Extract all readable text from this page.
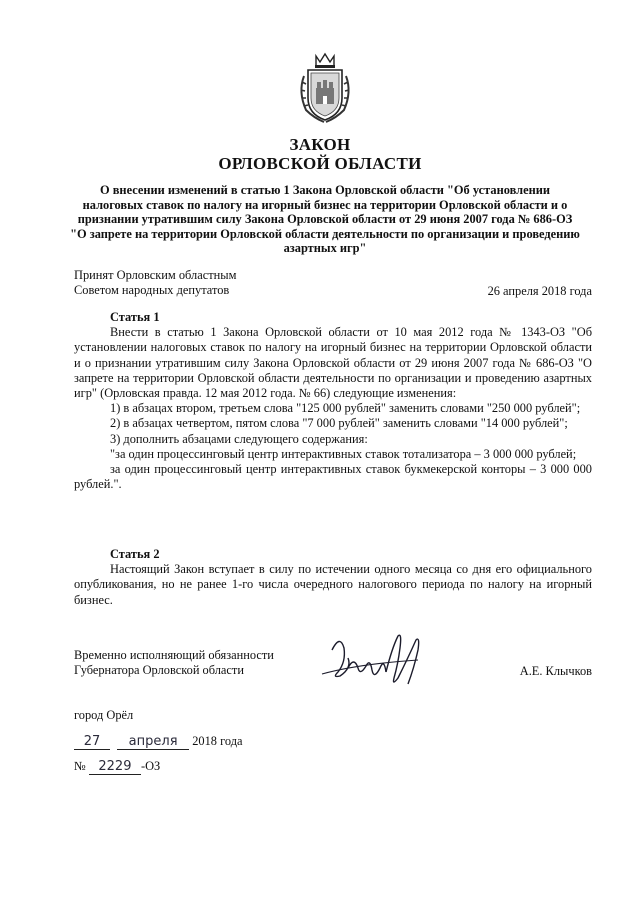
ЗАКОН
ОРЛОВСКОЙ ОБЛАСТИ
О внесении изменений в статью 1 Закона Орловской области "Об установлении налоговых ставок по налогу на игорный бизнес на территории Орловской области и о признании утратившим силу Закона Орловской области от 29 июня 2007 года № 686-ОЗ "О запрете на территории Орловской области деятельности по организации и проведению азартных игр"
Принят Орловским областным
Советом народных депутатов	26 апреля 2018 года
Статья 1

Внести в статью 1 Закона Орловской области от 10 мая 2012 года № 1343-ОЗ "Об установлении налоговых ставок по налогу на игорный бизнес на территории Орловской области и о признании утратившим силу Закона Орловской области от 29 июня 2007 года № 686-ОЗ "О запрете на территории Орловской области деятельности по организации и проведению азартных игр" (Орловская правда. 12 мая 2012 года. № 66) следующие изменения:

1) в абзацах втором, третьем слова "125 000 рублей" заменить словами "250 000 рублей";

2) в абзацах четвертом, пятом слова "7 000 рублей" заменить словами "14 000 рублей";

3) дополнить абзацами следующего содержания:

"за один процессинговый центр интерактивных ставок тотализатора – 3 000 000 рублей;

за один процессинговый центр интерактивных ставок букмекерской конторы – 3 000 000 рублей.".

Статья 2

Настоящий Закон вступает в силу по истечении одного месяца со дня его официального опубликования, но не ранее 1-го числа очередного налогового периода по налогу на игорный бизнес.

Временно исполняющий обязанности
Губернатора Орловской области	А.Е. Клычков
город Орёл
27 апреля 2018 года
№ 2229 -ОЗ
